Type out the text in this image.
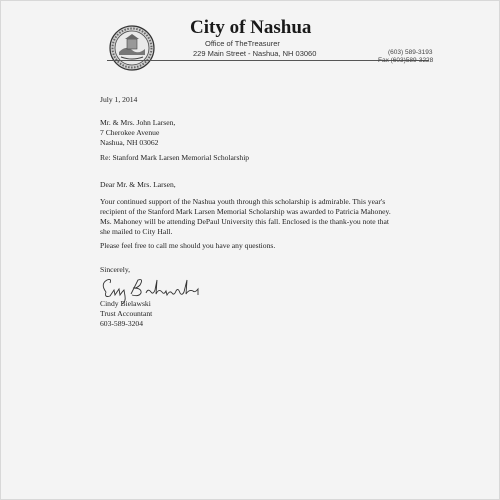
City of Nashua
Office of TheTreasurer
229 Main Street - Nashua, NH 03060	(603) 589-3193
Fax (603)589-3228
July 1, 2014
Mr. & Mrs. John Larsen,
7 Cherokee Avenue
Nashua, NH 03062
Re: Stanford Mark Larsen Memorial Scholarship
Dear Mr. & Mrs. Larsen,
Your continued support of the Nashua youth through this scholarship is admirable. This year's
recipient of the Stanford Mark Larsen Memorial Scholarship was awarded to Patricia Mahoney.
Ms. Mahoney will be attending DePaul University this fall. Enclosed is the thank-you note that
she mailed to City Hall.
Please feel free to call me should you have any questions.
Sincerely,
Cindy Bielawski
Trust Accountant
603-589-3204
